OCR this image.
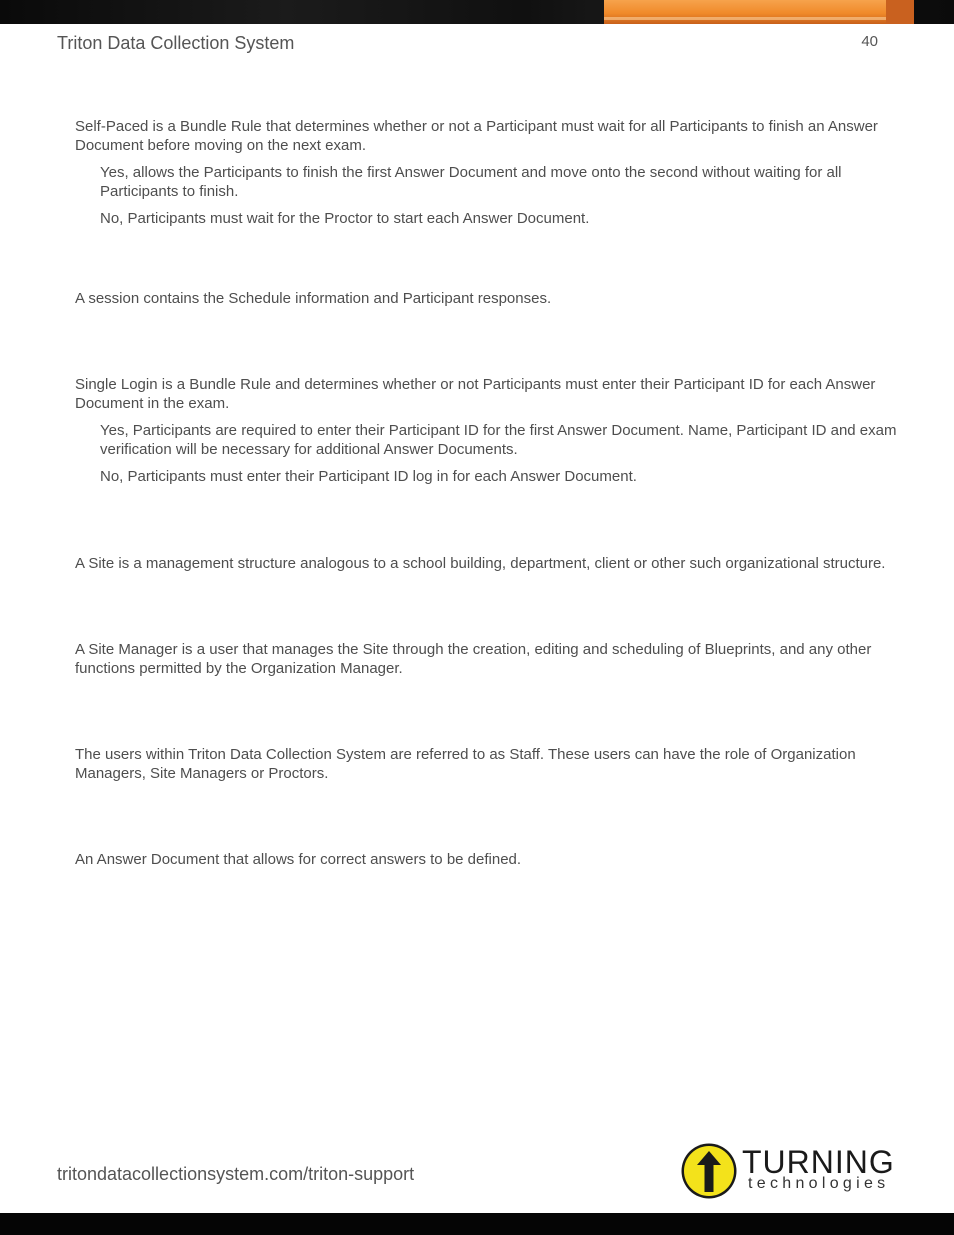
Triton Data Collection System	40

Self-Paced is a Bundle Rule that determines whether or not a Participant must wait for all Participants to finish an Answer Document before moving on the next exam.

Yes, allows the Participants to finish the first Answer Document and move onto the second without waiting for all Participants to finish.

No, Participants must wait for the Proctor to start each Answer Document.

A session contains the Schedule information and Participant responses.

Single Login is a Bundle Rule and determines whether or not Participants must enter their Participant ID for each Answer Document in the exam.

Yes, Participants are required to enter their Participant ID for the first Answer Document. Name, Participant ID and exam verification will be necessary for additional Answer Documents.

No, Participants must enter their Participant ID log in for each Answer Document.

A Site is a management structure analogous to a school building, department, client or other such organizational structure.

A Site Manager is a user that manages the Site through the creation, editing and scheduling of Blueprints, and any other functions permitted by the Organization Manager.

The users within Triton Data Collection System are referred to as Staff. These users can have the role of Organization Managers, Site Managers or Proctors.

An Answer Document that allows for correct answers to be defined.

tritondatacollectionsystem.com/triton-support	TURNING
technologies
